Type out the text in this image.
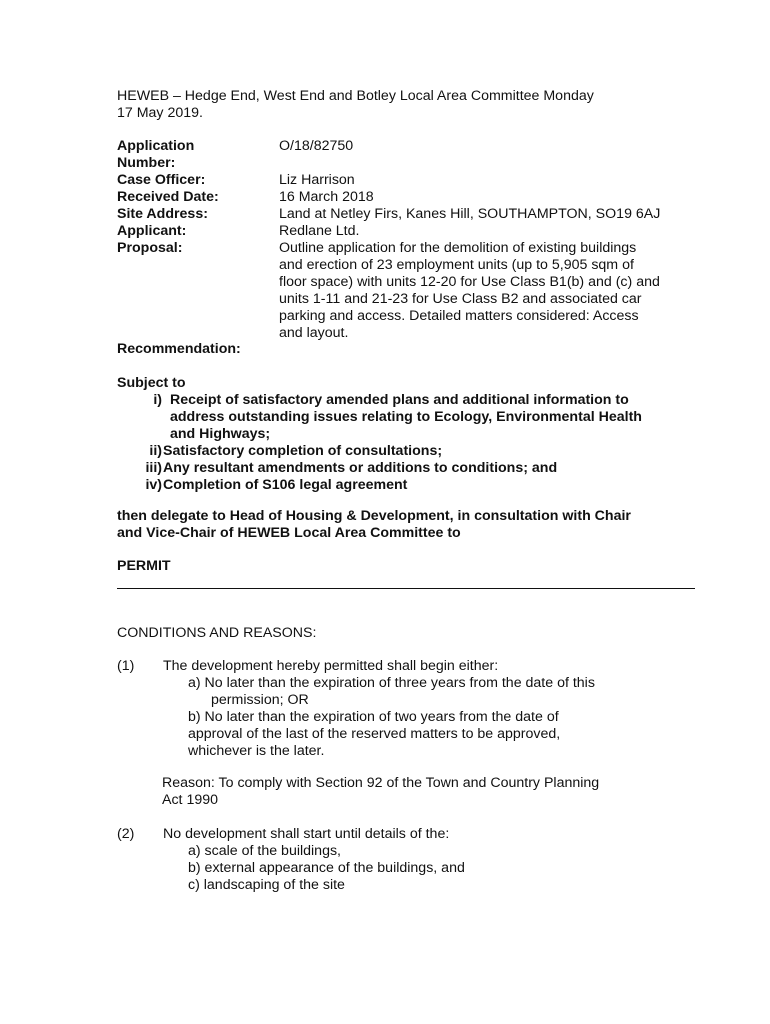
HEWEB – Hedge End, West End and Botley Local Area Committee Monday
17 May 2019.
Application
Number:
O/18/82750
Case Officer:	Liz Harrison
Received Date:	16 March 2018
Site Address:	Land at Netley Firs, Kanes Hill, SOUTHAMPTON, SO19 6AJ
Applicant:	Redlane Ltd.
Proposal:	Outline application for the demolition of existing buildings
and erection of 23 employment units (up to 5,905 sqm of
floor space) with units 12-20 for Use Class B1(b) and (c) and
units 1-11 and 21-23 for Use Class B2 and associated car
parking and access. Detailed matters considered: Access
and layout.
Recommendation:
Subject to
i) Receipt of satisfactory amended plans and additional information to
address outstanding issues relating to Ecology, Environmental Health
and Highways;
ii) Satisfactory completion of consultations;
iii) Any resultant amendments or additions to conditions; and
iv) Completion of S106 legal agreement
then delegate to Head of Housing & Development, in consultation with Chair
and Vice-Chair of HEWEB Local Area Committee to
PERMIT
CONDITIONS AND REASONS:
(1) The development hereby permitted shall begin either:
a) No later than the expiration of three years from the date of this
permission; OR
b) No later than the expiration of two years from the date of
approval of the last of the reserved matters to be approved,
whichever is the later.
Reason: To comply with Section 92 of the Town and Country Planning
Act 1990
(2) No development shall start until details of the:
a) scale of the buildings,
b) external appearance of the buildings, and
c) landscaping of the site
